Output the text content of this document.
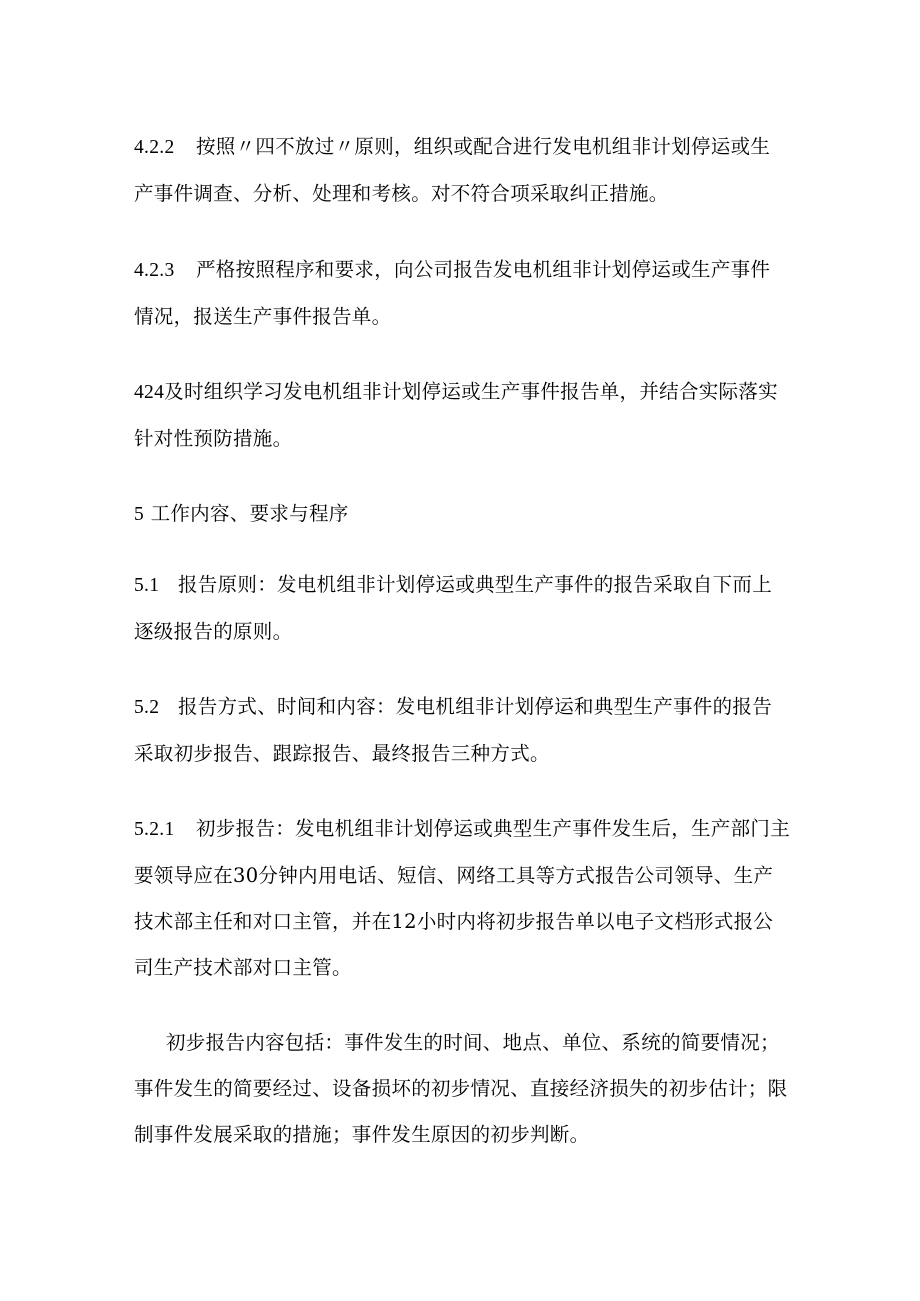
4.2.2 按照〃四不放过〃原则，组织或配合进行发电机组非计划停运或生
产事件调查、分析、处理和考核。对不符合项采取纠正措施。

4.2.3 严格按照程序和要求，向公司报告发电机组非计划停运或生产事件
情况，报送生产事件报告单。

424及时组织学习发电机组非计划停运或生产事件报告单，并结合实际落实
针对性预防措施。

5 工作内容、要求与程序

5.1 报告原则：发电机组非计划停运或典型生产事件的报告采取自下而上
逐级报告的原则。

5.2 报告方式、时间和内容：发电机组非计划停运和典型生产事件的报告
采取初步报告、跟踪报告、最终报告三种方式。

5.2.1 初步报告：发电机组非计划停运或典型生产事件发生后，生产部门主
要领导应在30分钟内用电话、短信、网络工具等方式报告公司领导、生产
技术部主任和对口主管，并在12小时内将初步报告单以电子文档形式报公
司生产技术部对口主管。

初步报告内容包括：事件发生的时间、地点、单位、系统的简要情况；
事件发生的简要经过、设备损坏的初步情况、直接经济损失的初步估计；限
制事件发展采取的措施；事件发生原因的初步判断。
